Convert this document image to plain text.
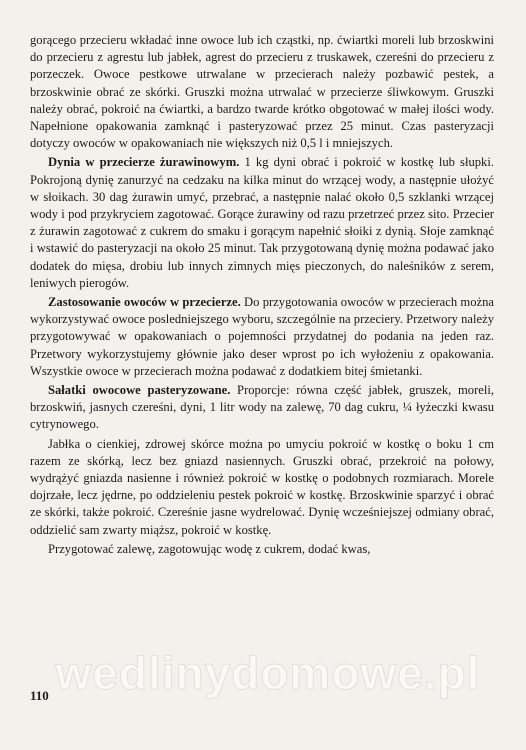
gorącego przecieru wkładać inne owoce lub ich cząstki, np. ćwiartki moreli lub brzoskwini do przecieru z agrestu lub jabłek, agrest do przecieru z truskawek, czereśni do przecieru z porzeczek. Owoce pestkowe utrwalane w przecierach należy pozbawić pestek, a brzoskwinie obrać ze skórki. Gruszki można utrwalać w przecierze śliwkowym. Gruszki należy obrać, pokroić na ćwiartki, a bardzo twarde krótko obgotować w małej ilości wody. Napełnione opakowania zamknąć i pasteryzować przez 25 minut. Czas pasteryzacji dotyczy owoców w opakowaniach nie większych niż 0,5 l i mniejszych.

Dynia w przecierze żurawinowym. 1 kg dyni obrać i pokroić w kostkę lub słupki. Pokrojoną dynię zanurzyć na cedzaku na kilka minut do wrzącej wody, a następnie ułożyć w słoikach. 30 dag żurawin umyć, przebrać, a następnie nalać około 0,5 szklanki wrzącej wody i pod przykryciem zagotować. Gorące żurawiny od razu przetrzeć przez sito. Przecier z żurawin zagotować z cukrem do smaku i gorącym napełnić słoiki z dynią. Słoje zamknąć i wstawić do pasteryzacji na około 25 minut. Tak przygotowaną dynię można podawać jako dodatek do mięsa, drobiu lub innych zimnych mięs pieczonych, do naleśników z serem, leniwych pierogów.

Zastosowanie owoców w przecierze. Do przygotowania owoców w przecierach można wykorzystywać owoce posledniejszego wyboru, szczególnie na przeciery. Przetwory należy przygotowywać w opakowaniach o pojemności przydatnej do podania na jeden raz. Przetwory wykorzystujemy głównie jako deser wprost po ich wyłożeniu z opakowania. Wszystkie owoce w przecierach można podawać z dodatkiem bitej śmietanki.

Sałatki owocowe pasteryzowane. Proporcje: równa część jabłek, gruszek, moreli, brzoskwiń, jasnych czereśni, dyni, 1 litr wody na zalewę, 70 dag cukru, ¼ łyżeczki kwasu cytrynowego.

Jabłka o cienkiej, zdrowej skórce można po umyciu pokroić w kostkę o boku 1 cm razem ze skórką, lecz bez gniazd nasiennych. Gruszki obrać, przekroić na połowy, wydrążyć gniazda nasienne i również pokroić w kostkę o podobnych rozmiarach. Morele dojrzałe, lecz jędrne, po oddzieleniu pestek pokroić w kostkę. Brzoskwinie sparzyć i obrać ze skórki, także pokroić. Czereśnie jasne wydrelować. Dynię wcześniejszej odmiany obrać, oddzielić sam zwarty miąższ, pokroić w kostkę.

Przygotować zalewę, zagotowując wodę z cukrem, dodać kwas,

wedlinydomowe.pl
110
